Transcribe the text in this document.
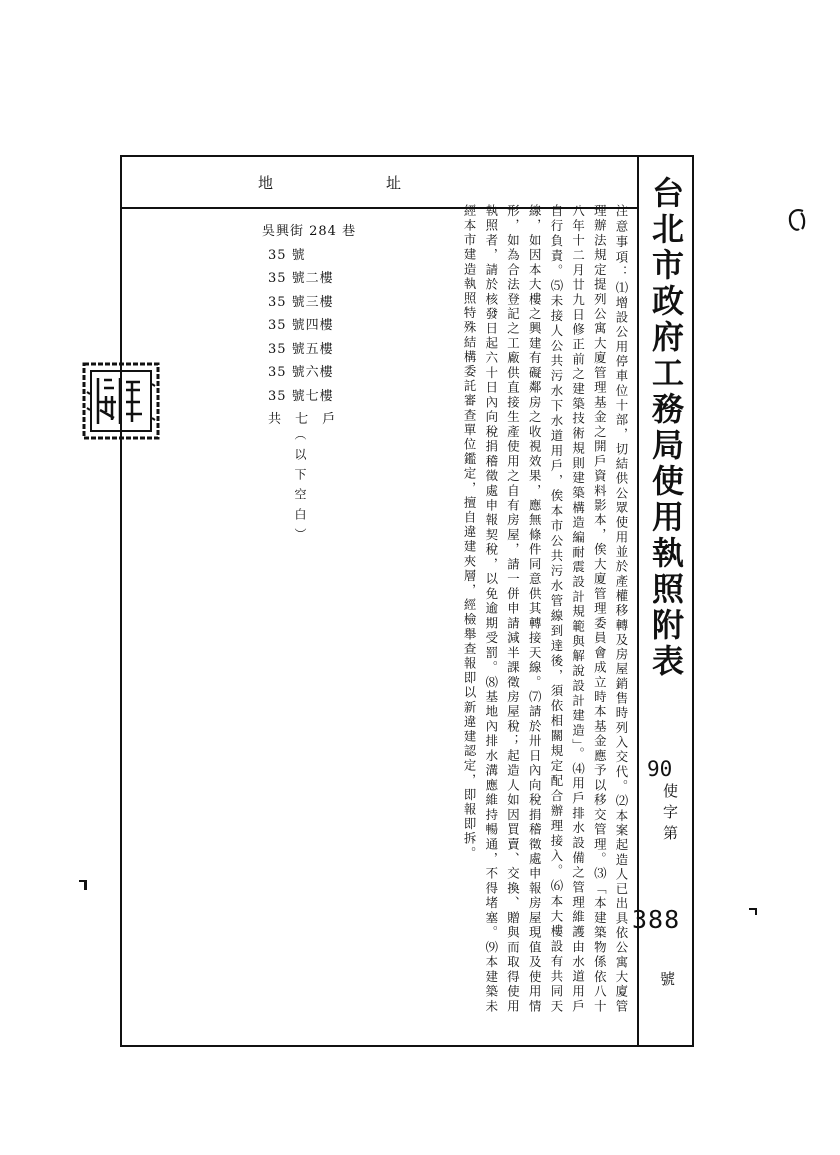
地	址
吳興街 284 巷
35 號
35 號二樓
35 號三樓
35 號四樓
35 號五樓
35 號六樓
35 號七樓
共 七 戶
（以下空白）
注意事項：⑴增設公用停車位十部，切結供公眾使用並於產權移轉及房屋銷售時列入交代。⑵本案起造人已出具依公寓大廈管理辦法規定提列公寓大廈管理基金之開戶資料影本，俟大廈管理委員會成立時本基金應予以移交管理。⑶「本建築物係依八十八年十二月廿九日修正前之建築技術規則建築構造編耐震設計規範與解說設計建造」。⑷用戶排水設備之管理維護由水道用戶自行負責。⑸未接人公共污水下水道用戶，俟本市公共污水管線到達後，須依相關規定配合辦理接入。⑹本大樓設有共同天線，如因本大樓之興建有礙鄰房之收視效果，應無條件同意供其轉接天線。⑺請於卅日內向稅捐稽徵處申報房屋現值及使用情形，如為合法登記之工廠供直接生產使用之自有房屋，請一併申請減半課徵房屋稅；起造人如因買賣、交換、贈與而取得使用執照者，請於核發日起六十日內向稅捐稽徵處申報契稅，以免逾期受罰。⑻基地內排水溝應維持暢通，不得堵塞。⑼本建築未經本市建造執照特殊結構委託審查單位鑑定，擅自違建夾層，經檢舉查報即以新違建認定，即報即拆。	台北市政府工務局使用執照附表
90
使字第
388
號
